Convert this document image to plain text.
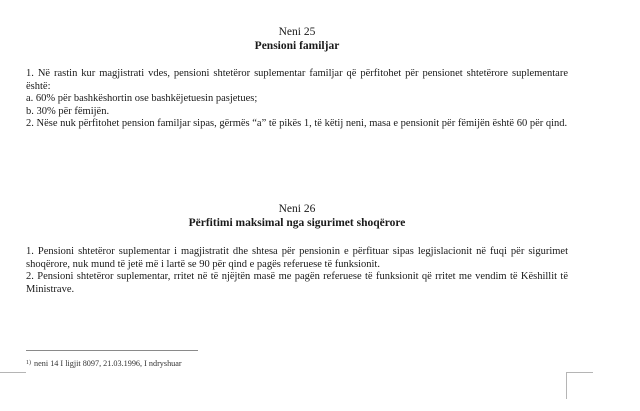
Neni 25
Pensioni familjar

1. Në rastin kur magjistrati vdes, pensioni shtetëror suplementar familjar që përfitohet për pensionet shtetërore suplementare është:

a. 60% për bashkëshortin ose bashkëjetuesin pasjetues;

b. 30% për fëmijën.

2. Nëse nuk përfitohet pension familjar sipas, gërmës “a” të pikës 1, të këtij neni, masa e pensionit për fëmijën është 60 për qind.

Neni 26
Përfitimi maksimal nga sigurimet shoqërore

1. Pensioni shtetëror suplementar i magjistratit dhe shtesa për pensionin e përfituar sipas legjislacionit në fuqi për sigurimet shoqërore, nuk mund të jetë më i lartë se 90 për qind e pagës referuese të funksionit.

2. Pensioni shtetëror suplementar, rritet në të njëjtën masë me pagën referuese të funksionit që rritet me vendim të Këshillit të Ministrave.

$^{1)}$ neni 14 I ligjit 8097, 21.03.1996, I ndryshuar
